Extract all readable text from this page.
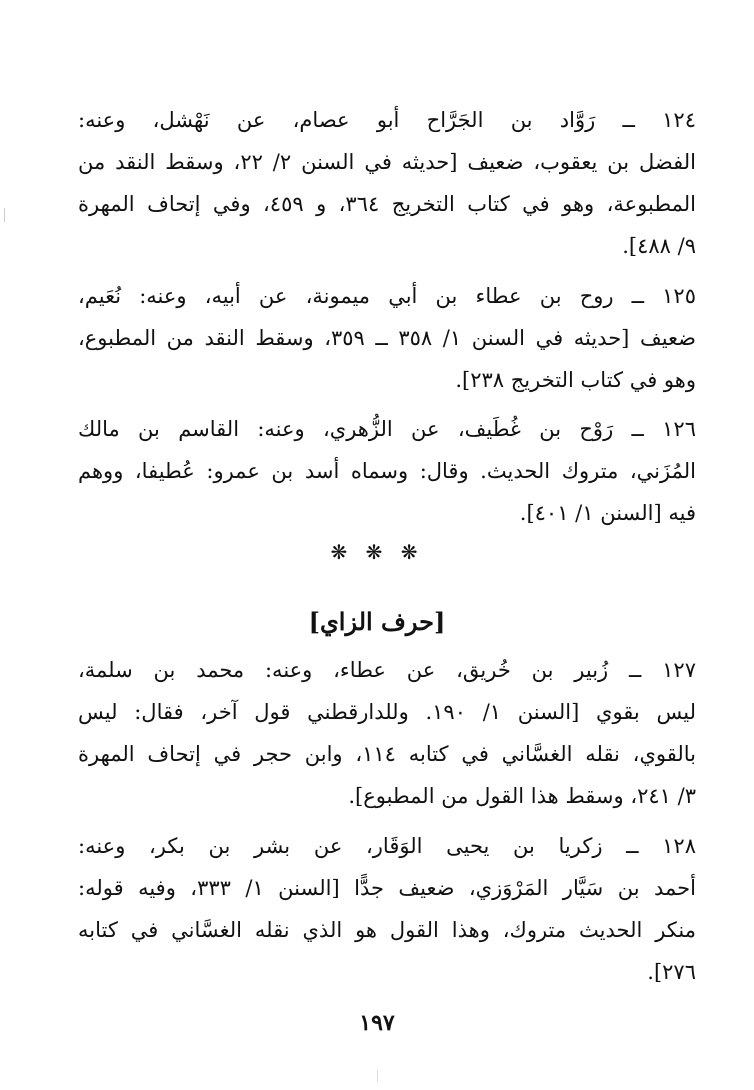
١٢٤ ــ رَوَّاد بن الجَرَّاح أبو عصام، عن نَهْشل، وعنه:
الفضل بن يعقوب، ضعيف [حديثه في السنن ٢/ ٢٢، وسقط النقد من
المطبوعة، وهو في كتاب التخريج ٣٦٤، و ٤٥٩، وفي إتحاف المهرة
٩/ ٤٨٨].
١٢٥ ــ روح بن عطاء بن أبي ميمونة، عن أبيه، وعنه: نُعَيم،
ضعيف [حديثه في السنن ١/ ٣٥٨ ــ ٣٥٩، وسقط النقد من المطبوع،
وهو في كتاب التخريج ٢٣٨].
١٢٦ ــ رَوْح بن غُطَيف، عن الزُّهري، وعنه: القاسم بن مالك
المُزَني، متروك الحديث. وقال: وسماه أسد بن عمرو: عُطيفا، ووهم
فيه [السنن ١/ ٤٠١].
❋ ❋ ❋
[حرف الزاي]
١٢٧ ــ زُبير بن خُريق، عن عطاء، وعنه: محمد بن سلمة،
ليس بقوي [السنن ١/ ١٩٠. وللدارقطني قول آخر، فقال: ليس
بالقوي، نقله الغسَّاني في كتابه ١١٤، وابن حجر في إتحاف المهرة
٣/ ٢٤١، وسقط هذا القول من المطبوع].
١٢٨ ــ زكريا بن يحيى الوَقَار، عن بشر بن بكر، وعنه:
أحمد بن سَيَّار المَرْوَزي، ضعيف جدًّا [السنن ١/ ٣٣٣، وفيه قوله:
منكر الحديث متروك، وهذا القول هو الذي نقله الغسَّاني في كتابه
٢٧٦].
١٩٧
